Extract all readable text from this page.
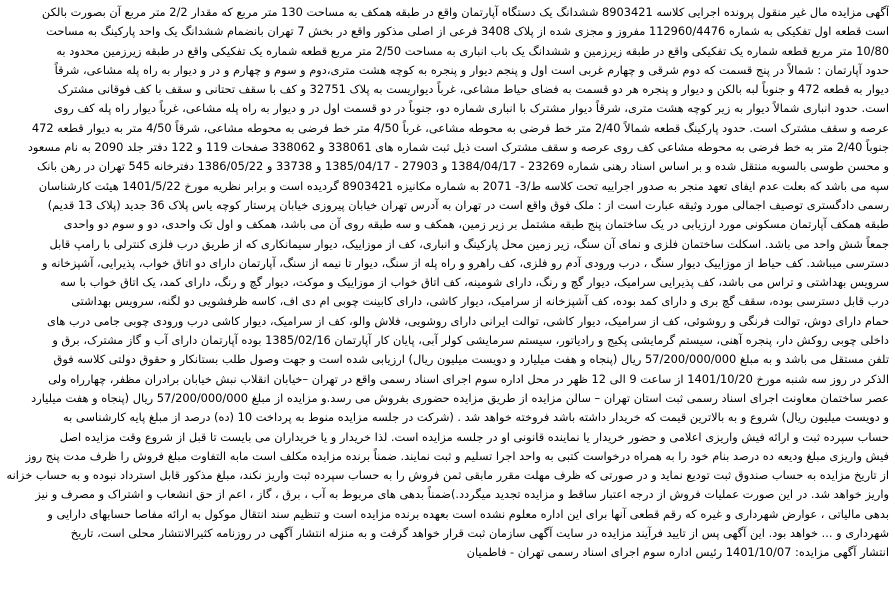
آگهی مزایده مال غیر منقول پرونده اجرایی کلاسه 8903421 ششدانگ یک دستگاه آپارتمان واقع در طبقه همکف به مساحت 130 متر مربع که مقدار 2/2 متر مربع آن بصورت بالکن
است قطعه اول تفکیکی به شماره 112960/4476 مفروز و مجزی شده از پلاک 3408 فرعی از اصلی مذکور واقع در بخش 7 تهران بانضمام ششدانگ یک واحد پارکینگ به مساحت
10/80 متر مربع قطعه شماره یک تفکیکی واقع در طبقه زیرزمین و ششدانگ یک باب انباری به مساحت 2/50 متر مربع قطعه شماره یک تفکیکی واقع در طبقه زیرزمین محدود به
حدود آپارتمان : شمالاً در پنج قسمت که دوم شرقی و چهارم غربی است اول و پنجم دیوار و پنجره به کوچه هشت متری،دوم و سوم و چهارم و در و دیوار به راه پله مشاعی، شرقاً
دیوار به قطعه 472 و جنوباً لبه بالکن و دیوار و پنجره هر دو قسمت به فضای حیاط مشاعی، غرباً دیواریست به پلاک 32751 و کف با سقف تحتانی و سقف با کف فوقانی مشترک
است. حدود انباری شمالاً دیوار به زیر کوچه هشت متری، شرقاً دیوار مشترک با انباری شماره دو، جنوباً در دو قسمت اول در و دیوار به راه پله مشاعی، غرباً دیوار راه پله کف روی
عرصه و سقف مشترک است. حدود پارکینگ قطعه شمالاً 2/40 متر خط فرضی به محوطه مشاعی، غرباً 4/50 متر خط فرضی به محوطه مشاعی، شرقاً 4/50 متر به دیوار قطعه 472
جنوباً 2/40 متر به خط فرضی به محوطه مشاعی کف روی عرصه و سقف مشترک است ذیل ثبت شماره های 338061 و 338062 صفحات 119 و 122 دفتر جلد 2090 به نام مسعود
و محسن طوسی بالسویه منتقل شده و بر اساس اسناد رهنی شماره 23269 - 1384/04/17 و 27903 - 1385/04/17 و 33738 و 1386/05/22 دفترخانه 545 تهران در رهن بانک
سپه می باشد که بعلت عدم ایفای تعهد منجر به صدور اجراییه تحت کلاسه ط/3- 2071 به شماره مکانیزه 8903421 گردیده است و برابر نظریه مورخ 1401/5/22 هیئت کارشناسان
رسمی دادگستری توصیف اجمالی مورد وثیقه عبارت است از : ملک فوق واقع است در تهران به آدرس تهران خیابان پیروزی خیابان پرستار کوچه یاس پلاک 36 جدید (پلاک 13 قدیم)
طبقه همکف آپارتمان مسکونی مورد ارزیابی در یک ساختمان پنج طبقه مشتمل بر زیر زمین، همکف و سه طبقه روی آن می باشد، همکف و اول تک واحدی، دو و سوم دو واحدی
جمعاً شش واحد می باشد. اسکلت ساختمان فلزی و نمای آن سنگ، زیر زمین محل پارکینگ و انباری، کف از موزاییک، دیوار سیمانکاری که از طریق درب فلزی کنترلی با رامپ قابل
دسترسی میباشد. کف حیاط از موزاییک دیوار سنگ ، درب ورودی آدم رو فلزی، کف راهرو و راه پله از سنگ، دیوار تا نیمه از سنگ، آپارتمان دارای دو اتاق خواب، پذیرایی، آشپزخانه و
سرویس بهداشتی و تراس می باشد، کف پذیرایی سرامیک، دیوار گچ و رنگ، دارای شومینه، کف اتاق خواب از موزاییک و موکت، دیوار گچ و رنگ، دارای کمد، یک اتاق خواب با سه
درب قابل دسترسی بوده، سقف گچ بری و دارای کمد بوده، کف آشپزخانه از سرامیک، دیوار کاشی، دارای کابینت چوبی ام دی اف، کاسه ظرفشویی دو لگنه، سرویس بهداشتی
حمام دارای دوش، توالت فرنگی و روشوئی، کف از سرامیک، دیوار کاشی، توالت ایرانی دارای روشویی، فلاش والو، کف از سرامیک، دیوار کاشی درب ورودی چوبی جامی درب های
داخلی چوبی روکش دار، پنجره آهنی، سیستم گرمایشی پکیج و رادیاتور، سیستم سرمایشی کولر آبی، پایان کار آپارتمان 1385/02/16 بوده آپارتمان دارای آب و گاز مشترک، برق و
تلفن مستقل می باشد و به مبلغ 57/200/000/000 ریال (پنجاه و هفت میلیارد و دویست میلیون ریال) ارزیابی شده است و جهت وصول طلب بستانکار و حقوق دولتی کلاسه فوق
الذکر در روز سه شنبه مورخ 1401/10/20 از ساعت 9 الی 12 ظهر در محل اداره سوم اجرای اسناد رسمی واقع در تهران –خیابان انقلاب نبش خیابان برادران مظفر، چهارراه ولی
عصر ساختمان معاونت اجرای اسناد رسمی ثبت استان تهران – سالن مزایده از طریق مزایده حضوری بفروش می رسد.و مزایده از مبلغ 57/200/000/000 ریال (پنجاه و هفت میلیارد
و دویست میلیون ریال) شروع و به بالاترین قیمت که خریدار داشته باشد فروخته خواهد شد . (شرکت در جلسه مزایده منوط به پرداخت 10 (ده) درصد از مبلغ پایه کارشناسی به
حساب سپرده ثبت و ارائه فیش واریزی اعلامی و حضور خریدار یا نماینده قانونی او در جلسه مزایده است. لذا خریدار و یا خریداران می بایست تا قبل از شروع وقت مزایده اصل
فیش واریزی مبلغ ودیعه ده درصد بنام خود را به همراه درخواست کتبی به واحد اجرا تسلیم و ثبت نمایند. ضمناً برنده مزایده مکلف است مابه التفاوت مبلغ فروش را ظرف مدت پنج روز
از تاریخ مزایده به حساب صندوق ثبت تودیع نماید و در صورتی که ظرف مهلت مقرر مابقی ثمن فروش را به حساب سپرده ثبت واریز نکند، مبلغ مذکور قابل استرداد نبوده و به حساب خزانه
واریز خواهد شد. در این صورت عملیات فروش از درجه اعتبار ساقط و مزایده تجدید میگردد.)ضمناً بدهی های مربوط به آب ، برق ، گاز ، اعم از حق انشعاب و اشتراک و مصرف و نیز
بدهی مالیاتی ، عوارض شهرداری و غیره که رقم قطعی آنها برای این اداره معلوم نشده است بعهده برنده مزایده است و تنظیم سند انتقال موکول به ارائه مفاصا حسابهای دارایی و
شهرداری و ... خواهد بود. این آگهی پس از تایید فرآیند مزایده در سایت آگهی سازمان ثبت قرار خواهد گرفت و به منزله انتشار آگهی در روزنامه کثیرالانتشار محلی است، تاریخ
انتشار آگهی مزایده: 1401/10/07 رئیس اداره سوم اجرای اسناد رسمی تهران - فاطمیان
